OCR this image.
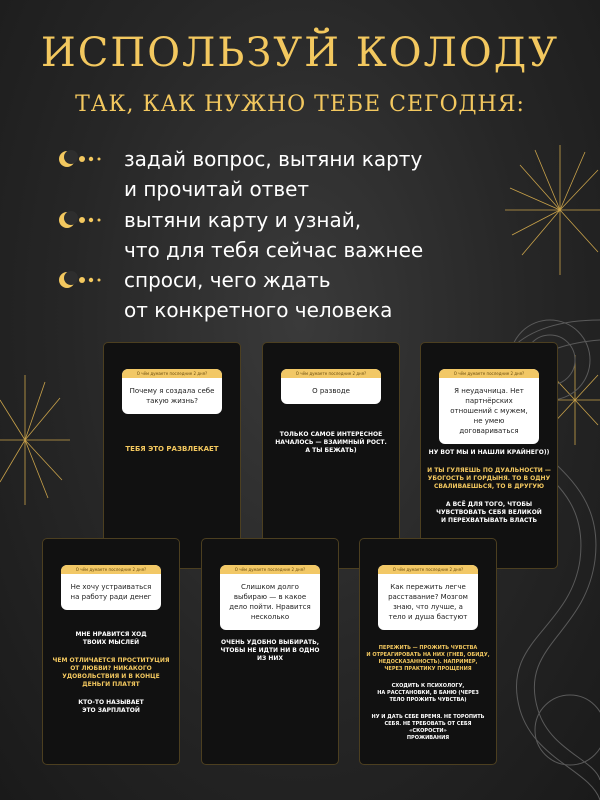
ИСПОЛЬЗУЙ КОЛОДУ
ТАК, КАК НУЖНО ТЕБЕ СЕГОДНЯ:
задай вопрос, вытяни карту
и прочитай ответ
вытяни карту и узнай,
что для тебя сейчас важнее
спроси, чего ждать
от конкретного человека
О чём думаете последние 2 дня?
Почему я создала себе такую жизнь?
ТЕБЯ ЭТО РАЗВЛЕКАЕТ
О чём думаете последние 2 дня?
О разводе
ТОЛЬКО САМОЕ ИНТЕРЕСНОЕ
НАЧАЛОСЬ — ВЗАИМНЫЙ РОСТ.
А ТЫ БЕЖАТЬ)
О чём думаете последние 2 дня?
Я неудачница. Нет партнёрских отношений с мужем, не умею договариваться
НУ ВОТ МЫ И НАШЛИ КРАЙНЕГО))
И ТЫ ГУЛЯЕШЬ ПО ДУАЛЬНОСТИ —
УБОГОСТЬ И ГОРДЫНЯ. ТО В ОДНУ
СВАЛИВАЕШЬСЯ, ТО В ДРУГУЮ
А ВСЁ ДЛЯ ТОГО, ЧТОБЫ
ЧУВСТВОВАТЬ СЕБЯ ВЕЛИКОЙ
И ПЕРЕХВАТЫВАТЬ ВЛАСТЬ
О чём думаете последние 2 дня?
Не хочу устраиваться на работу ради денег
МНЕ НРАВИТСЯ ХОД
ТВОИХ МЫСЛЕЙ
ЧЕМ ОТЛИЧАЕТСЯ ПРОСТИТУЦИЯ
ОТ ЛЮБВИ? НИКАКОГО
УДОВОЛЬСТВИЯ И В КОНЦЕ
ДЕНЬГИ ПЛАТЯТ
КТО-ТО НАЗЫВАЕТ
ЭТО ЗАРПЛАТОЙ
О чём думаете последние 2 дня?
Слишком долго выбираю — в какое дело пойти. Нравится несколько
ОЧЕНЬ УДОБНО ВЫБИРАТЬ,
ЧТОБЫ НЕ ИДТИ НИ В ОДНО
ИЗ НИХ
О чём думаете последние 2 дня?
Как пережить легче расставание? Мозгом знаю, что лучше, а тело и душа бастуют
ПЕРЕЖИТЬ — ПРОЖИТЬ ЧУВСТВА
И ОТРЕАГИРОВАТЬ НА НИХ (ГНЕВ, ОБИДУ,
НЕДОСКАЗАННОСТЬ). НАПРИМЕР,
ЧЕРЕЗ ПРАКТИКУ ПРОЩЕНИЯ
СХОДИТЬ К ПСИХОЛОГУ,
НА РАССТАНОВКИ, В БАНЮ (ЧЕРЕЗ
ТЕЛО ПРОЖИТЬ ЧУВСТВА)
НУ И ДАТЬ СЕБЕ ВРЕМЯ. НЕ ТОРОПИТЬ
СЕБЯ. НЕ ТРЕБОВАТЬ ОТ СЕБЯ «СКОРОСТИ»
ПРОЖИВАНИЯ
